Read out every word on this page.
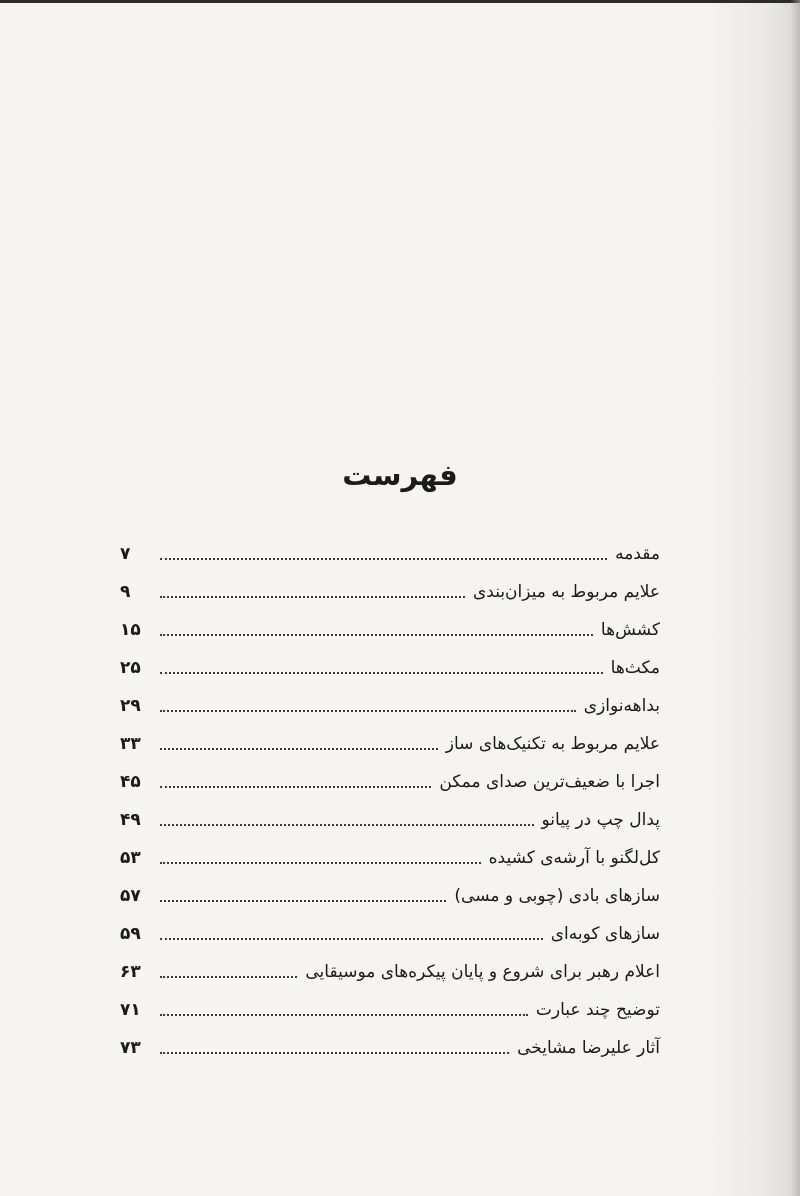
فهرست
مقدمه
۷
علایم مربوط به میزان‌بندی
۹
کشش‌ها
۱۵
مکث‌ها
۲۵
بداهه‌نوازی
۲۹
علایم مربوط به تکنیک‌های ساز
۳۳
اجرا با ضعیف‌ترین صدای ممکن
۴۵
پدال چپ در پیانو
۴۹
کل‌لگنو با آرشه‌ی کشیده
۵۳
سازهای بادی (چوبی و مسی)
۵۷
سازهای کوبه‌ای
۵۹
اعلام رهبر برای شروع و پایان پیکره‌های موسیقایی
۶۳
توضیح چند عبارت
۷۱
آثار علیرضا مشایخی
۷۳
